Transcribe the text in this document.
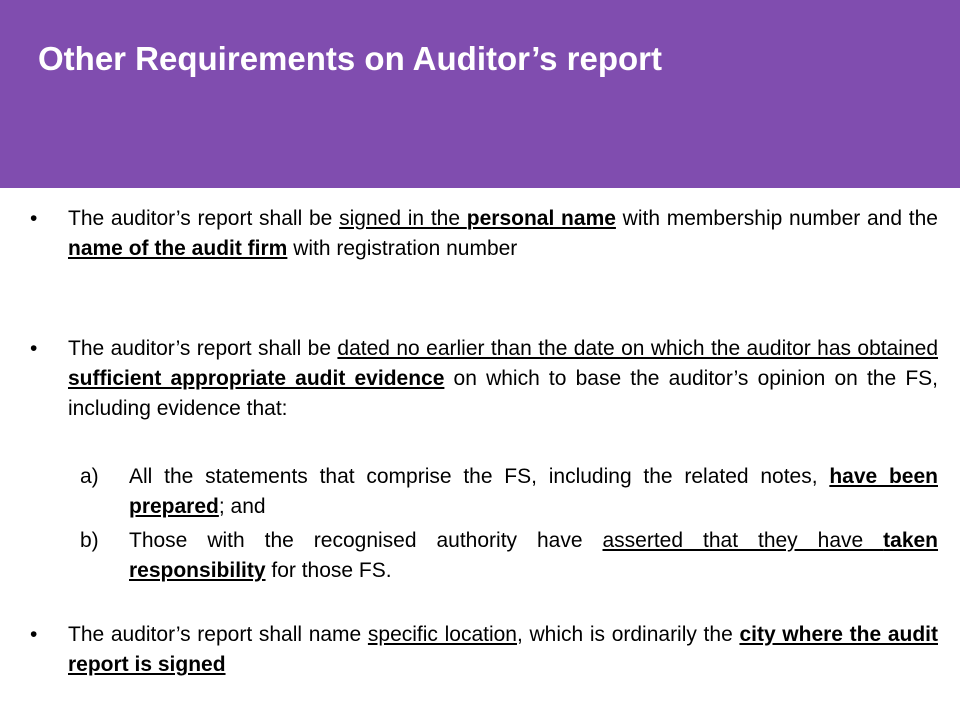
Other Requirements on Auditor’s report

• The auditor’s report shall be signed in the personal name with membership number and the name of the audit firm with registration number

• The auditor’s report shall be dated no earlier than the date on which the auditor has obtained sufficient appropriate audit evidence on which to base the auditor’s opinion on the FS, including evidence that:

a) All the statements that comprise the FS, including the related notes, have been prepared; and

b) Those with the recognised authority have asserted that they have taken responsibility for those FS.

• The auditor’s report shall name specific location, which is ordinarily the city where the audit report is signed
